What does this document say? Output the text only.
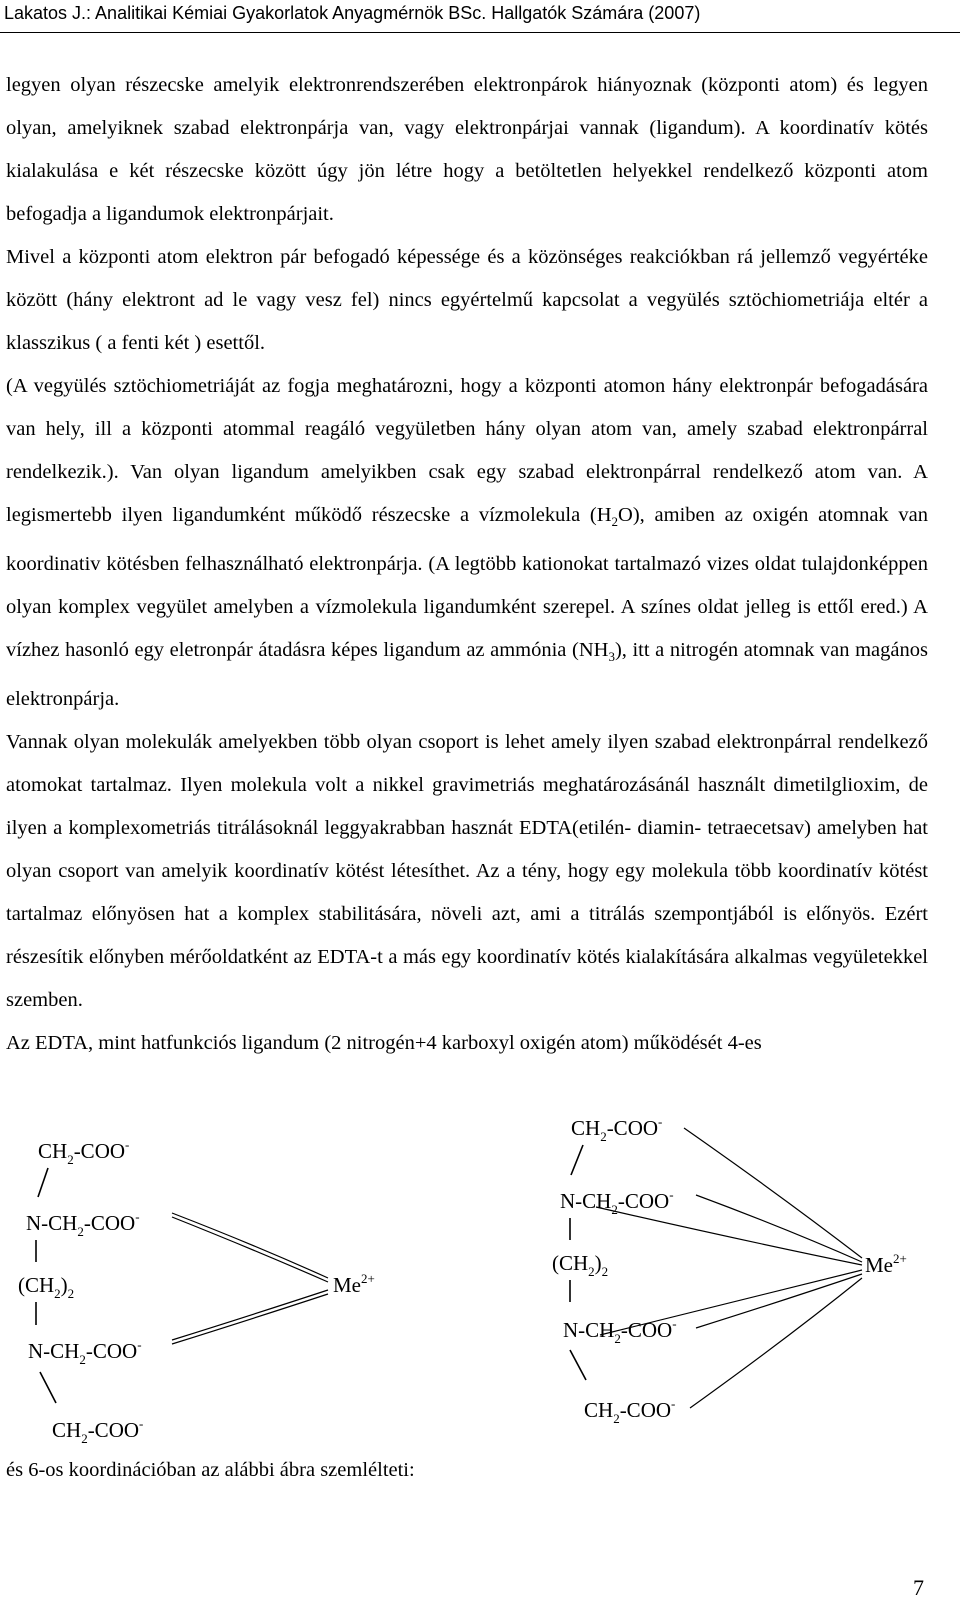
Lakatos J.: Analitikai Kémiai Gyakorlatok Anyagmérnök BSc. Hallgatók Számára (2007)

legyen olyan részecske amelyik elektronrendszerében elektronpárok hiányoznak (központi atom) és legyen olyan, amelyiknek szabad elektronpárja van, vagy elektronpárjai vannak (ligandum). A koordinatív kötés kialakulása e két részecske között úgy jön létre hogy a betöltetlen helyekkel rendelkező központi atom befogadja a ligandumok elektronpárjait.

Mivel a központi atom elektron pár befogadó képessége és a közönséges reakciókban rá jellemző vegyértéke között (hány elektront ad le vagy vesz fel) nincs egyértelmű kapcsolat a vegyülés sztöchiometriája eltér a klasszikus ( a fenti két ) esettől.

(A vegyülés sztöchiometriáját az fogja meghatározni, hogy a központi atomon hány elektronpár befogadására van hely, ill a központi atommal reagáló vegyületben hány olyan atom van, amely szabad elektronpárral rendelkezik.). Van olyan ligandum amelyikben csak egy szabad elektronpárral rendelkező atom van. A legismertebb ilyen ligandumként működő részecske a vízmolekula $(H_2O)$, amiben az oxigén atomnak van koordinativ kötésben felhasználható elektronpárja. (A legtöbb kationokat tartalmazó vizes oldat tulajdonképpen olyan komplex vegyület amelyben a vízmolekula ligandumként szerepel. A színes oldat jelleg is ettől ered.) A vízhez hasonló egy eletronpár átadásra képes ligandum az ammónia $(NH_3)$, itt a nitrogén atomnak van magános elektronpárja.

Vannak olyan molekulák amelyekben több olyan csoport is lehet amely ilyen szabad elektronpárral rendelkező atomokat tartalmaz. Ilyen molekula volt a nikkel gravimetriás meghatározásánál használt dimetilglioxim, de ilyen a komplexometriás titrálásoknál leggyakrabban hasznát EDTA(etilén- diamin- tetraecetsav) amelyben hat olyan csoport van amelyik koordinatív kötést létesíthet. Az a tény, hogy egy molekula több koordinatív kötést tartalmaz előnyösen hat a komplex stabilitására, növeli azt, ami a titrálás szempontjából is előnyös. Ezért részesítik előnyben mérőoldatként az EDTA-t a más egy koordinatív kötés kialakítására alkalmas vegyületekkel szemben.

Az EDTA, mint hatfunkciós ligandum (2 nitrogén+4 karboxyl oxigén atom) működését 4-es

$CH_2-COO^-$
$N-CH_2-COO^-$
$(CH_2)_2$
$N-CH_2-COO^-$
$CH_2-COO^-$
$Me^{2+}$
$CH_2-COO^-$
$N-CH_2-COO^-$
$(CH_2)_2$
$N-CH_2-COO^-$
$CH_2-COO^-$
$Me^{2+}$
és 6-os koordinációban az alábbi ábra szemlélteti:
7
